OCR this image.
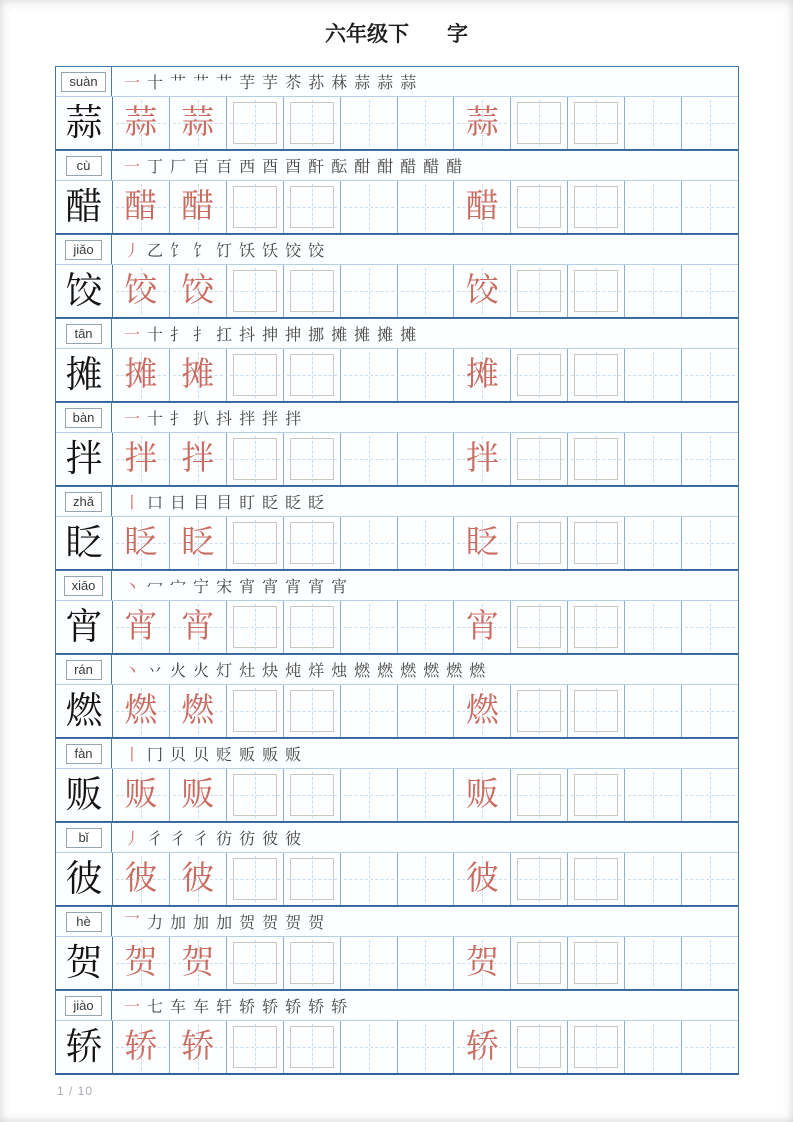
六年级下 字
suàn	一 十 艹 艹 艹 芋 芋 苶 荪 菻 蒜 蒜 蒜
蒜 蒜 蒜	蒜
cù	一 丁 厂 百 百 西 酉 酉 酐 酝 酣 酣 醋 醋 醋
醋 醋 醋	醋
jiǎo	丿 乙 饣 饣 饤 饫 饫 饺 饺
饺 饺 饺	饺
tān	一 十 扌 扌 扛 抖 抻 抻 挪 摊 摊 摊 摊
摊 摊 摊	摊
bàn	一 十 扌 扒 抖 拌 拌 拌
拌 拌 拌	拌
zhǎ	丨 口 日 目 目 盯 眨 眨 眨
眨 眨 眨	眨
xiāo	丶 冖 宀 宁 宋 宵 宵 宵 宵 宵
宵 宵 宵	宵
rán	丶 丷 火 火 灯 灶 炔 炖 烊 烛 燃 燃 燃 燃 燃 燃
燃 燃 燃	燃
fàn	丨 冂 贝 贝 贬 贩 贩 贩
贩 贩 贩	贩
bǐ	丿 彳 彳 彳 彷 彷 彼 彼
彼 彼 彼	彼
hè	乛 力 加 加 加 贺 贺 贺 贺
贺 贺 贺	贺
jiào	一 七 车 车 轩 轿 轿 轿 轿 轿
轿 轿 轿	轿
1 / 10
